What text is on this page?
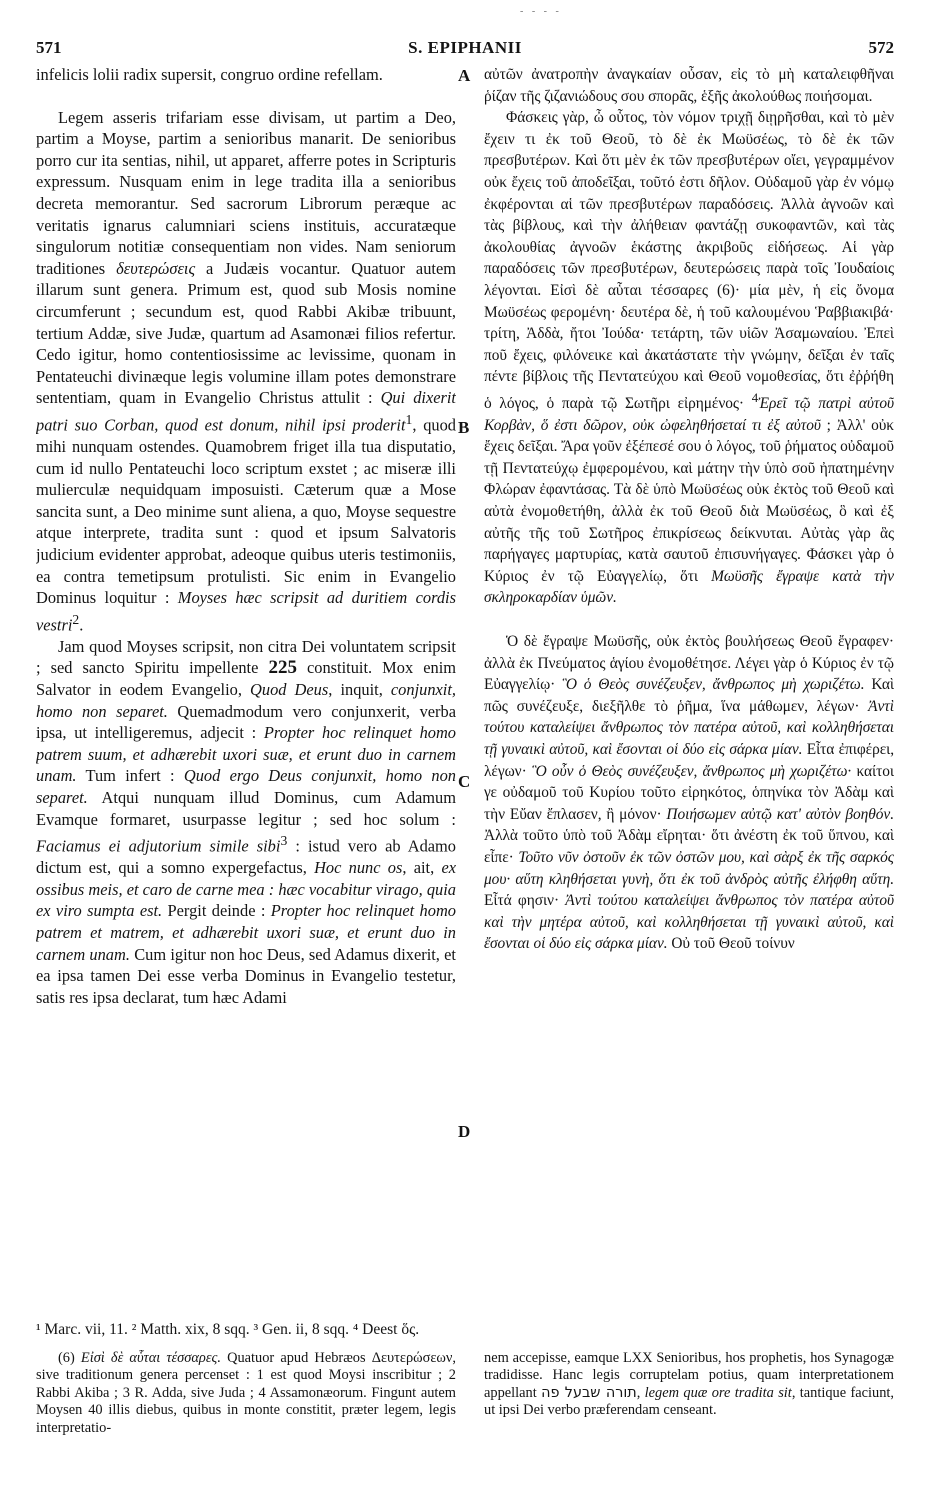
- - - -
571	S. EPIPHANII	572

infelicis lolii radix supersit, congruo ordine refellam.

Legem asseris trifariam esse divisam, ut partim a Deo, partim a Moyse, partim a senioribus manarit. De senioribus porro cur ita sentias, nihil, ut apparet, afferre potes in Scripturis expressum. Nusquam enim in lege tradita illa a senioribus decreta memorantur. Sed sacrorum Librorum peræque ac veritatis ignarus calumniari sciens instituis, accuratæque singulorum notitiæ consequentiam non vides. Nam seniorum traditiones δευτερώσεις a Judæis vocantur. Quatuor autem illarum sunt genera. Primum est, quod sub Mosis nomine circumferunt ; secundum est, quod Rabbi Akibæ tribuunt, tertium Addæ, sive Judæ, quartum ad Asamonæi filios refertur. Cedo igitur, homo contentiosissime ac levissime, quonam in Pentateuchi divinæque legis volumine illam potes demonstrare sententiam, quam in Evangelio Christus attulit : Qui dixerit patri suo Corban, quod est donum, nihil ipsi proderit$^1$, quod mihi nunquam ostendes. Quamobrem friget illa tua disputatio, cum id nullo Pentateuchi loco scriptum exstet ; ac miseræ illi mulierculæ nequidquam imposuisti. Cæterum quæ a Mose sancita sunt, a Deo minime sunt aliena, a quo, Moyse sequestre atque interprete, tradita sunt : quod et ipsum Salvatoris judicium evidenter approbat, adeoque quibus uteris testimoniis, ea contra temetipsum protulisti. Sic enim in Evangelio Dominus loquitur : Moyses hæc scripsit ad duritiem cordis vestri$^2$.

Jam quod Moyses scripsit, non citra Dei voluntatem scripsit ; sed sancto Spiritu impellente 225 constituit. Mox enim Salvator in eodem Evangelio, Quod Deus, inquit, conjunxit, homo non separet. Quemadmodum vero conjunxerit, verba ipsa, ut intelligeremus, adjecit : Propter hoc relinquet homo patrem suum, et adhærebit uxori suæ, et erunt duo in carnem unam. Tum infert : Quod ergo Deus conjunxit, homo non separet. Atqui nunquam illud Dominus, cum Adamum Evamque formaret, usurpasse legitur ; sed hoc solum : Faciamus ei adjutorium simile sibi$^3$ : istud vero ab Adamo dictum est, qui a somno expergefactus, Hoc nunc os, ait, ex ossibus meis, et caro de carne mea : hæc vocabitur virago, quia ex viro sumpta est. Pergit deinde : Propter hoc relinquet homo patrem et matrem, et adhærebit uxori suæ, et erunt duo in carnem unam. Cum igitur non hoc Deus, sed Adamus dixerit, et ea ipsa tamen Dei esse verba Dominus in Evangelio testetur, satis res ipsa declarat, tum hæc Adami

A
B
C
D

αὐτῶν ἀνατροπὴν ἀναγκαίαν οὖσαν, εἰς τὸ μὴ καταλειφθῆναι ῥίζαν τῆς ζιζανιώδους σου σπορᾶς, ἑξῆς ἀκολούθως ποιήσομαι.

Φάσκεις γὰρ, ὦ οὗτος, τὸν νόμον τριχῇ διῃρῆσθαι, καὶ τὸ μὲν ἔχειν τι ἐκ τοῦ Θεοῦ, τὸ δὲ ἐκ Μωϋσέως, τὸ δὲ ἐκ τῶν πρεσβυτέρων. Καὶ ὅτι μὲν ἐκ τῶν πρεσβυτέρων οἴει, γεγραμμένον οὐκ ἔχεις τοῦ ἀποδεῖξαι, τοῦτό ἐστι δῆλον. Οὐδαμοῦ γὰρ ἐν νόμῳ ἐκφέρονται αἱ τῶν πρεσβυτέρων παραδόσεις. Ἀλλὰ ἀγνοῶν καὶ τὰς βίβλους, καὶ τὴν ἀλήθειαν φαντάζῃ συκοφαντῶν, καὶ τὰς ἀκολουθίας ἀγνοῶν ἑκάστης ἀκριβοῦς εἰδήσεως. Αἱ γὰρ παραδόσεις τῶν πρεσβυτέρων, δευτερώσεις παρὰ τοῖς Ἰουδαίοις λέγονται. Εἰσὶ δὲ αὗται τέσσαρες (6)· μία μὲν, ἡ εἰς ὄνομα Μωϋσέως φερομένη· δευτέρα δὲ, ἡ τοῦ καλουμένου Ῥαββιακιβά· τρίτη, Ἀδδὰ, ἤτοι Ἰούδα· τετάρτη, τῶν υἱῶν Ἀσαμωναίου. Ἐπεὶ ποῦ ἔχεις, φιλόνεικε καὶ ἀκατάστατε τὴν γνώμην, δεῖξαι ἐν ταῖς πέντε βίβλοις τῆς Πεντατεύχου καὶ Θεοῦ νομοθεσίας, ὅτι ἐῤῥήθη ὁ λόγος, ὁ παρὰ τῷ Σωτῆρι εἰρημένος· $^4$Ἐρεῖ τῷ πατρὶ αὐτοῦ Κορβὰν, ὅ ἐστι δῶρον, οὐκ ὠφεληθήσεταί τι ἐξ αὐτοῦ ; Ἀλλ' οὐκ ἔχεις δεῖξαι. Ἄρα γοῦν ἐξέπεσέ σου ὁ λόγος, τοῦ ῥήματος οὐδαμοῦ τῇ Πεντατεύχῳ ἐμφερομένου, καὶ μάτην τὴν ὑπὸ σοῦ ἠπατημένην Φλώραν ἐφαντάσας. Τὰ δὲ ὑπὸ Μωϋσέως οὐκ ἐκτὸς τοῦ Θεοῦ καὶ αὐτὰ ἐνομοθετήθη, ἀλλὰ ἐκ τοῦ Θεοῦ διὰ Μωϋσέως, ὃ καὶ ἐξ αὐτῆς τῆς τοῦ Σωτῆρος ἐπικρίσεως δείκνυται. Αὐτὰς γὰρ ἃς παρήγαγες μαρτυρίας, κατὰ σαυτοῦ ἐπισυνήγαγες. Φάσκει γὰρ ὁ Κύριος ἐν τῷ Εὐαγγελίῳ, ὅτι Μωϋσῆς ἔγραψε κατὰ τὴν σκληροκαρδίαν ὑμῶν.

Ὁ δὲ ἔγραψε Μωϋσῆς, οὐκ ἐκτὸς βουλήσεως Θεοῦ ἔγραφεν· ἀλλὰ ἐκ Πνεύματος ἁγίου ἐνομοθέτησε. Λέγει γὰρ ὁ Κύριος ἐν τῷ Εὐαγγελίῳ· Ὃ ὁ Θεὸς συνέζευξεν, ἄνθρωπος μὴ χωριζέτω. Καὶ πῶς συνέζευξε, διεξῆλθε τὸ ῥῆμα, ἵνα μάθωμεν, λέγων· Ἀντὶ τούτου καταλείψει ἄνθρωπος τὸν πατέρα αὐτοῦ, καὶ κολληθήσεται τῇ γυναικὶ αὐτοῦ, καὶ ἔσονται οἱ δύο εἰς σάρκα μίαν. Εἶτα ἐπιφέρει, λέγων· Ὃ οὖν ὁ Θεὸς συνέζευξεν, ἄνθρωπος μὴ χωριζέτω· καίτοι γε οὐδαμοῦ τοῦ Κυρίου τοῦτο εἰρηκότος, ὁπηνίκα τὸν Ἀδὰμ καὶ τὴν Εὔαν ἔπλασεν, ἢ μόνον· Ποιήσωμεν αὐτῷ κατ' αὐτὸν βοηθόν. Ἀλλὰ τοῦτο ὑπὸ τοῦ Ἀδὰμ εἴρηται· ὅτι ἀνέστη ἐκ τοῦ ὕπνου, καὶ εἶπε· Τοῦτο νῦν ὀστοῦν ἐκ τῶν ὀστῶν μου, καὶ σὰρξ ἐκ τῆς σαρκός μου· αὕτη κληθήσεται γυνὴ, ὅτι ἐκ τοῦ ἀνδρὸς αὐτῆς ἐλήφθη αὕτη. Εἶτά φησιν· Ἀντὶ τούτου καταλείψει ἄνθρωπος τὸν πατέρα αὐτοῦ καὶ τὴν μητέρα αὐτοῦ, καὶ κολληθήσεται τῇ γυναικὶ αὐτοῦ, καὶ ἔσονται οἱ δύο εἰς σάρκα μίαν. Οὐ τοῦ Θεοῦ τοίνυν

¹ Marc. vii, 11. ² Matth. xix, 8 sqq. ³ Gen. ii, 8 sqq. ⁴ Deest ὅς.

(6) Εἰσὶ δὲ αὗται τέσσαρες. Quatuor apud Hebræos Δευτερώσεων, sive traditionum genera percenset : 1 est quod Moysi inscribitur ; 2 Rabbi Akiba ; 3 R. Adda, sive Juda ; 4 Assamonæorum. Fingunt autem Moysen 40 illis diebus, quibus in monte constitit, præter legem, legis interpretatio-

nem accepisse, eamque LXX Senioribus, hos prophetis, hos Synagogæ tradidisse. Hanc legis corruptelam potius, quam interpretationem appellant תורה שבעל פה, legem quæ ore tradita sit, tantique faciunt, ut ipsi Dei verbo præferendam censeant.
